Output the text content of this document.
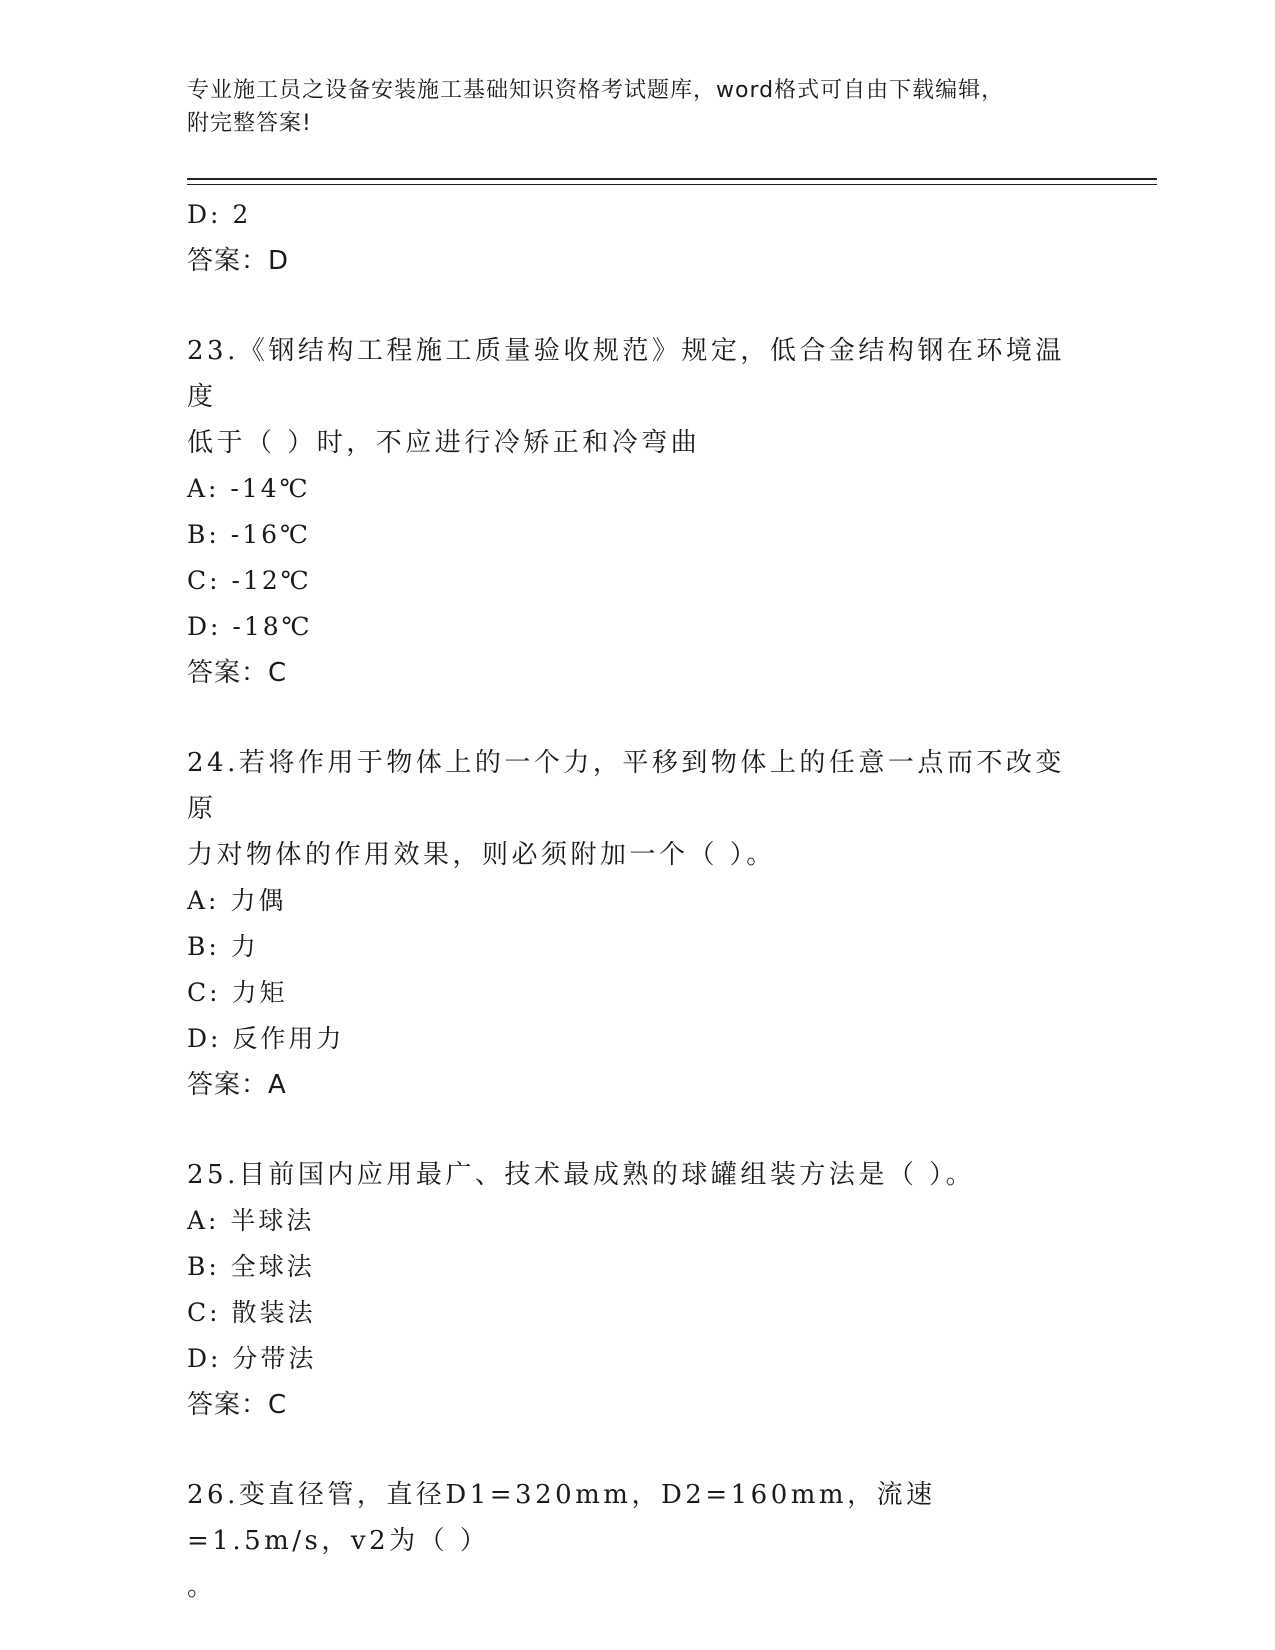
专业施工员之设备安装施工基础知识资格考试题库，word格式可自由下载编辑，
附完整答案!
D: 2
答案：D
23.《钢结构工程施工质量验收规范》规定，低合金结构钢在环境温度
低于（ ）时，不应进行冷矫正和冷弯曲
A: -14℃
B: -16℃
C: -12℃
D: -18℃
答案：C
24.若将作用于物体上的一个力，平移到物体上的任意一点而不改变原
力对物体的作用效果，则必须附加一个（ ）。
A: 力偶
B: 力
C: 力矩
D: 反作用力
答案：A
25.目前国内应用最广、技术最成熟的球罐组装方法是（ ）。
A: 半球法
B: 全球法
C: 散装法
D: 分带法
答案：C
26.变直径管，直径D1=320mm，D2=160mm，流速=1.5m/s，v2为（ ）
。
